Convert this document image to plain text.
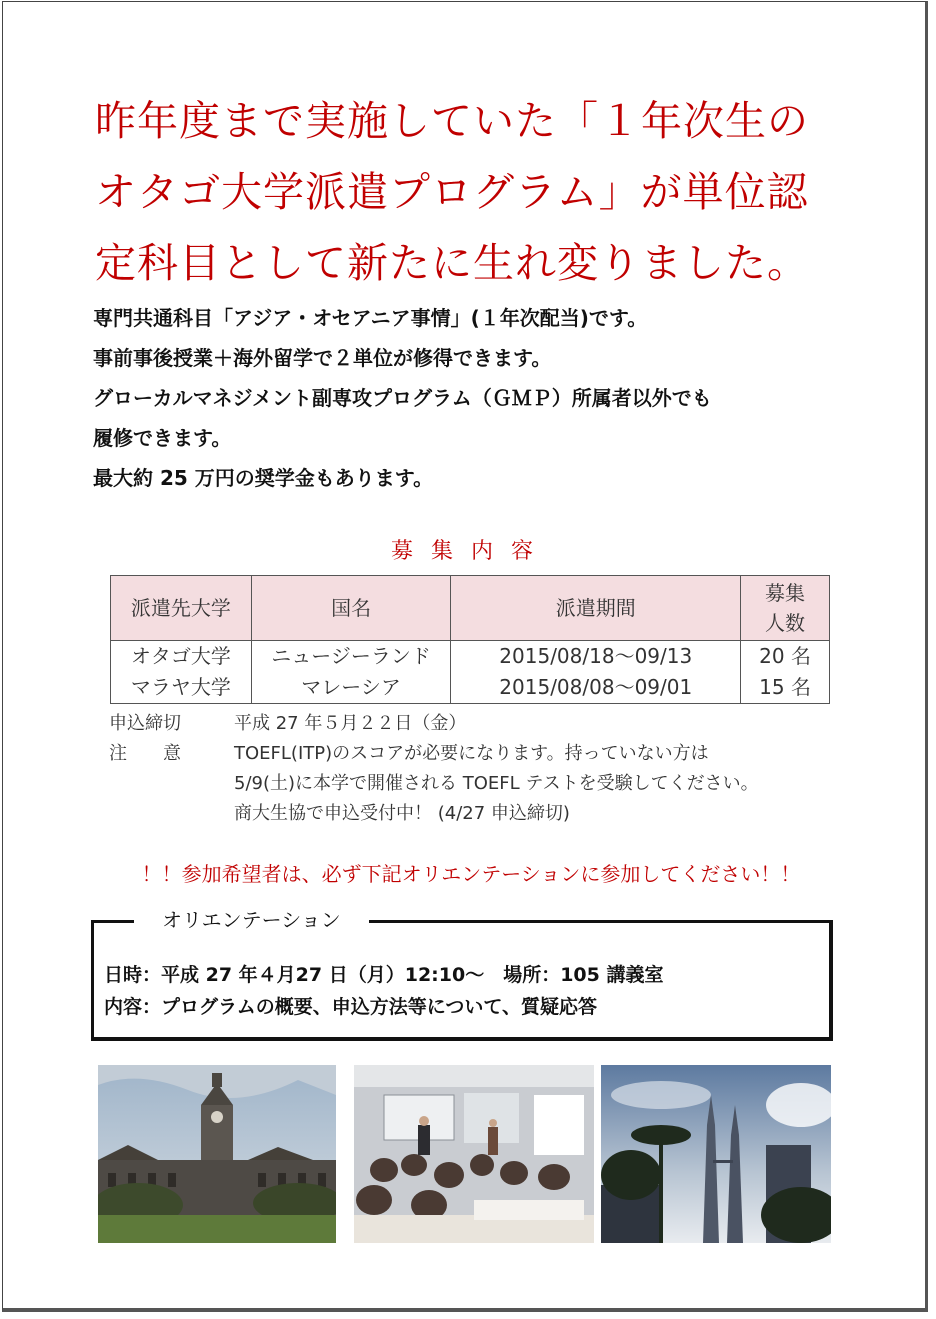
昨年度まで実施していた「１年次生の
オタゴ大学派遣プログラム」が単位認
定科目として新たに生れ変りました。
専門共通科目「アジア・オセアニア事情」(１年次配当)です。
事前事後授業＋海外留学で２単位が修得できます。
グローカルマネジメント副専攻プログラム（ＧＭＰ）所属者以外でも
履修できます。
最大約 25 万円の奨学金もあります。
募集内容
派遣先大学	国名	派遣期間	募集
人数

オタゴ大学	ニュージーランド	2015/08/18～09/13	20 名
マラヤ大学	マレーシア	2015/08/08～09/01	15 名
申込締切	平成 27 年５月２２日（金）
注　　意	TOEFL(ITP)のスコアが必要になります。持っていない方は
5/9(土)に本学で開催される TOEFL テストを受験してください。
商大生協で申込受付中！ (4/27 申込締切)
！！参加希望者は、必ず下記オリエンテーションに参加してください！！
オリエンテーション
日時：平成 27 年４月27 日（月）12:10～　場所：105 講義室
内容：プログラムの概要、申込方法等について、質疑応答
